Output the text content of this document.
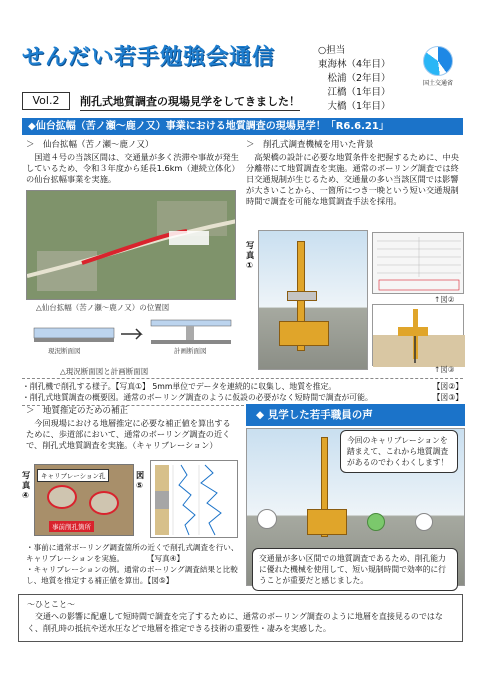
せんだい若手勉強会通信	○担当
東海林（4年目）
松浦（2年目）
江橋（1年目）
大橋（1年目）
国土交通省
Vol.2	削孔式地質調査の現場見学をしてきました！
◆仙台拡幅（苦ノ瀬～鹿ノ又）事業における地質調査の現場見学！「R6.6.21」
＞　仙台拡幅（苦ノ瀬～鹿ノ又）
国道４号の当該区間は、交通量が多く渋滞や事故が発生しているため、令和３年度から延長1.6km（連続立体化）の仙台拡幅事業を実施。
△仙台拡幅（苦ノ瀬～鹿ノ又）の位置図
現況断面図	計画断面図
△現況断面図と計画断面図
＞　削孔式調査機械を用いた背景
高架橋の設計に必要な地質条件を把握するために、中央分離帯にて地質調査を実施。通常のボーリング調査では終日交通規制が生じるため、交通量の多い当該区間では影響が大きいことから、一箇所につき一晩という短い交通規制時間で調査を可能な地質調査手法を採用。
写真①
↑図②
↑図③
・削孔機で削孔する様子。【写真①】 5mm単位でデータを連続的に収集し、地質を推定。	【図②】
・削孔式地質調査の概要図。通常のボーリング調査のように仮設の必要がなく短時間で調査が可能。	【図③】
＞　地質推定のための補正
今回現場における地層推定に必要な補正値を算出するために、歩道部において、通常のボーリング調査の近くで、削孔式地質調査を実施。（キャリブレーション）
写真④
キャリブレーション孔
事前削孔箇所
図⑤
・事前に通常ボーリング調査箇所の近くで削孔式調査を行い、キャリブレーションを実施。　　　　【写真④】
・キャリブレーションの例。通常のボーリング調査結果と比較し、地質を推定する補正値を算出。【図⑤】
◆ 見学した若手職員の声
今回のキャリブレーションを踏まえて、これから地質調査があるのでわくわくします！
交通量が多い区間での地質調査であるため、削孔能力に優れた機械を使用して、短い規制時間で効率的に行うことが重要だと感じました。
～ひとこと～
交通への影響に配慮して短時間で調査を完了するために、通常のボーリング調査のように地層を直接見るのではなく、削孔時の抵抗や送水圧などで地層を推定できる技術の重要性・凄みを実感した。
